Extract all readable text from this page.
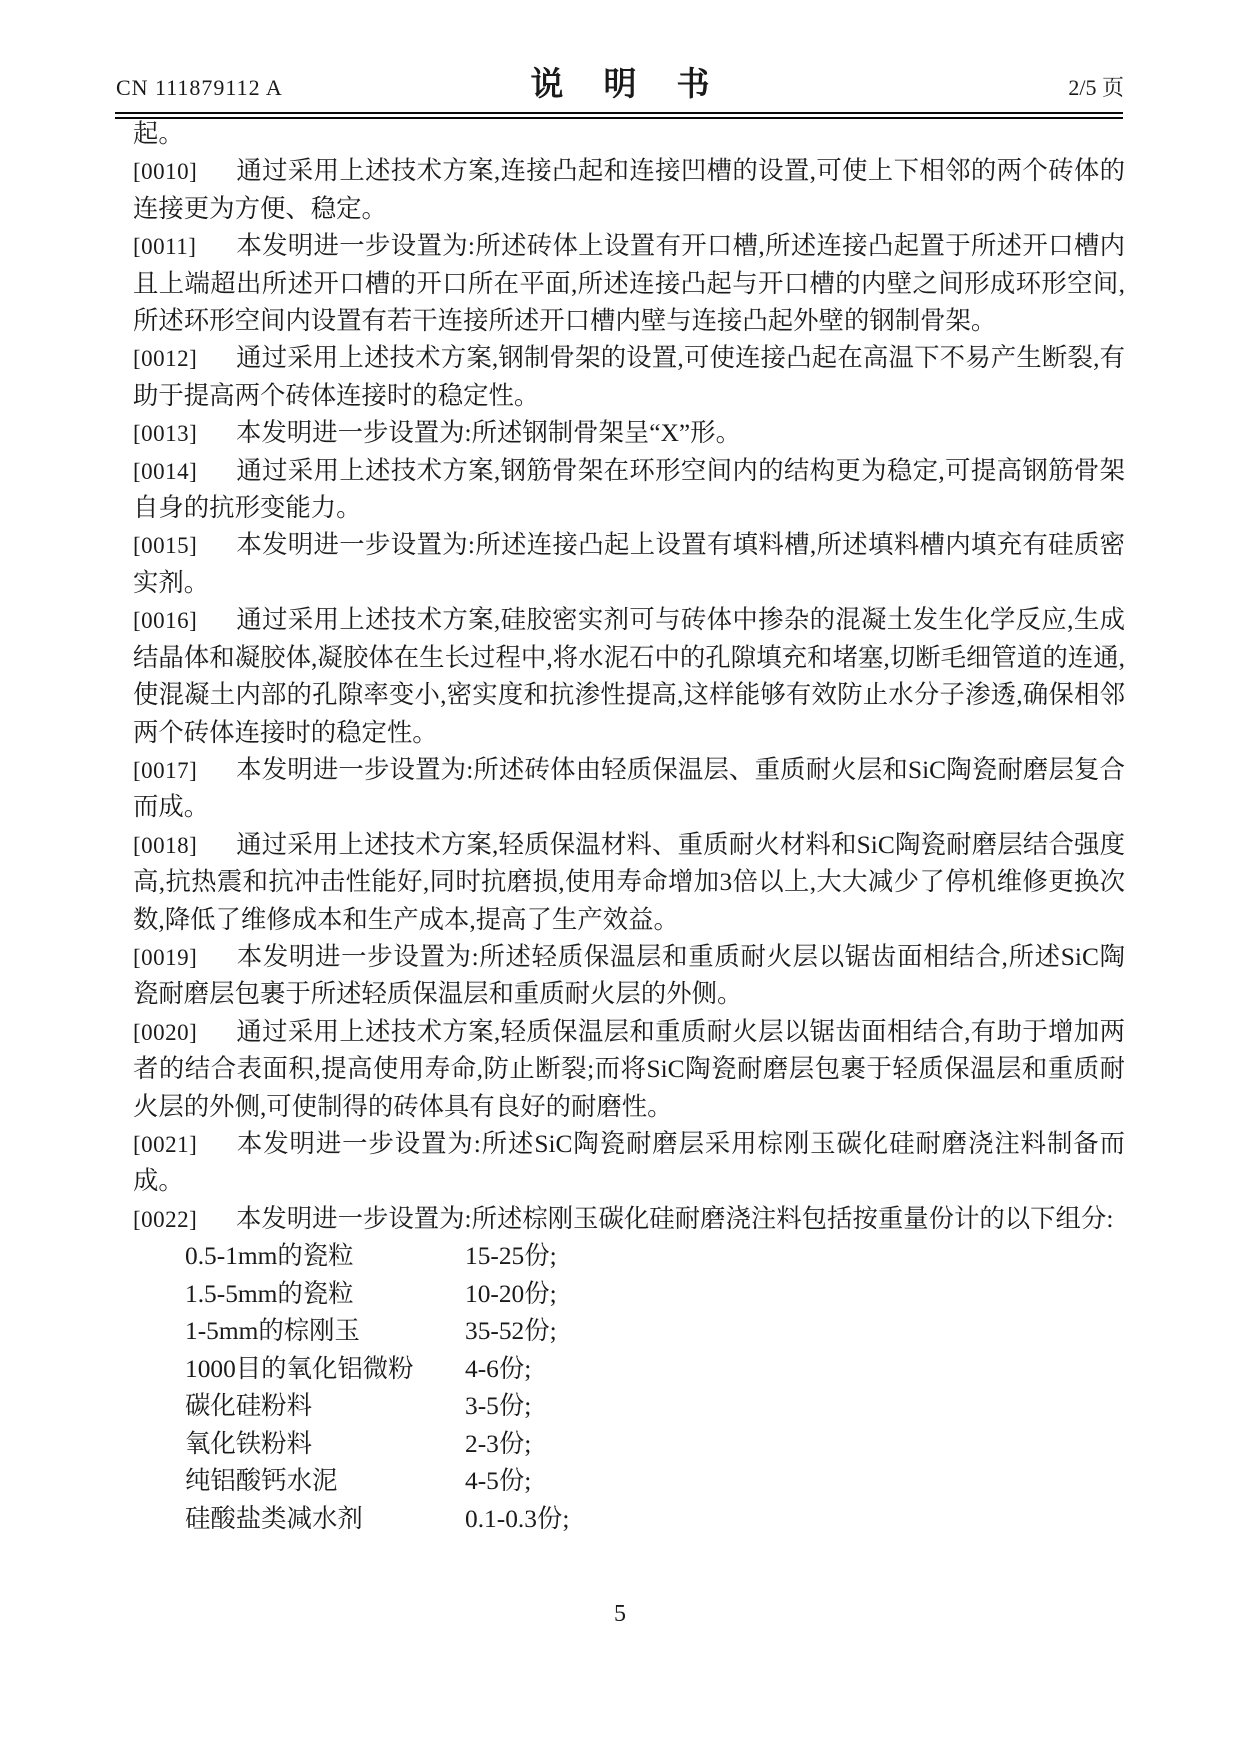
CN 111879112 A	说明书	2/5 页

起。

[0010] 通过采用上述技术方案,连接凸起和连接凹槽的设置,可使上下相邻的两个砖体的连接更为方便、稳定。

[0011] 本发明进一步设置为:所述砖体上设置有开口槽,所述连接凸起置于所述开口槽内且上端超出所述开口槽的开口所在平面,所述连接凸起与开口槽的内壁之间形成环形空间,所述环形空间内设置有若干连接所述开口槽内壁与连接凸起外壁的钢制骨架。

[0012] 通过采用上述技术方案,钢制骨架的设置,可使连接凸起在高温下不易产生断裂,有助于提高两个砖体连接时的稳定性。

[0013] 本发明进一步设置为:所述钢制骨架呈“X”形。

[0014] 通过采用上述技术方案,钢筋骨架在环形空间内的结构更为稳定,可提高钢筋骨架自身的抗形变能力。

[0015] 本发明进一步设置为:所述连接凸起上设置有填料槽,所述填料槽内填充有硅质密实剂。

[0016] 通过采用上述技术方案,硅胶密实剂可与砖体中掺杂的混凝土发生化学反应,生成结晶体和凝胶体,凝胶体在生长过程中,将水泥石中的孔隙填充和堵塞,切断毛细管道的连通,使混凝土内部的孔隙率变小,密实度和抗渗性提高,这样能够有效防止水分子渗透,确保相邻两个砖体连接时的稳定性。

[0017] 本发明进一步设置为:所述砖体由轻质保温层、重质耐火层和SiC陶瓷耐磨层复合而成。

[0018] 通过采用上述技术方案,轻质保温材料、重质耐火材料和SiC陶瓷耐磨层结合强度高,抗热震和抗冲击性能好,同时抗磨损,使用寿命增加3倍以上,大大减少了停机维修更换次数,降低了维修成本和生产成本,提高了生产效益。

[0019] 本发明进一步设置为:所述轻质保温层和重质耐火层以锯齿面相结合,所述SiC陶瓷耐磨层包裹于所述轻质保温层和重质耐火层的外侧。

[0020] 通过采用上述技术方案,轻质保温层和重质耐火层以锯齿面相结合,有助于增加两者的结合表面积,提高使用寿命,防止断裂;而将SiC陶瓷耐磨层包裹于轻质保温层和重质耐火层的外侧,可使制得的砖体具有良好的耐磨性。

[0021] 本发明进一步设置为:所述SiC陶瓷耐磨层采用棕刚玉碳化硅耐磨浇注料制备而成。

[0022] 本发明进一步设置为:所述棕刚玉碳化硅耐磨浇注料包括按重量份计的以下组分:

0.5-1mm的瓷粒	15-25份;
1.5-5mm的瓷粒	10-20份;
1-5mm的棕刚玉	35-52份;
1000目的氧化铝微粉	4-6份;
碳化硅粉料	3-5份;
氧化铁粉料	2-3份;
纯铝酸钙水泥	4-5份;
硅酸盐类减水剂	0.1-0.3份;
5
